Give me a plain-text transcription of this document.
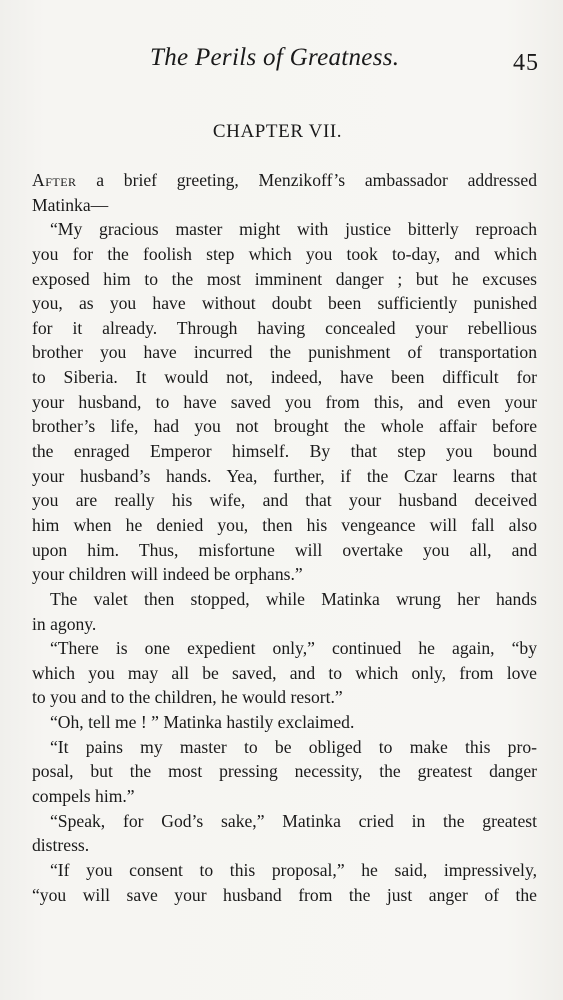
The Perils of Greatness.	45
CHAPTER VII.
After a brief greeting, Menzikoff’s ambassador addressed
Matinka—
“My gracious master might with justice bitterly reproach
you for the foolish step which you took to-day, and which
exposed him to the most imminent danger ; but he excuses
you, as you have without doubt been sufficiently punished
for it already. Through having concealed your rebellious
brother you have incurred the punishment of transportation
to Siberia. It would not, indeed, have been difficult for
your husband, to have saved you from this, and even your
brother’s life, had you not brought the whole affair before
the enraged Emperor himself. By that step you bound
your husband’s hands. Yea, further, if the Czar learns that
you are really his wife, and that your husband deceived
him when he denied you, then his vengeance will fall also
upon him. Thus, misfortune will overtake you all, and
your children will indeed be orphans.”
The valet then stopped, while Matinka wrung her hands
in agony.
“There is one expedient only,” continued he again, “by
which you may all be saved, and to which only, from love
to you and to the children, he would resort.”
“Oh, tell me ! ” Matinka hastily exclaimed.
“It pains my master to be obliged to make this pro-
posal, but the most pressing necessity, the greatest danger
compels him.”
“Speak, for God’s sake,” Matinka cried in the greatest
distress.
“If you consent to this proposal,” he said, impressively,
“you will save your husband from the just anger of the
